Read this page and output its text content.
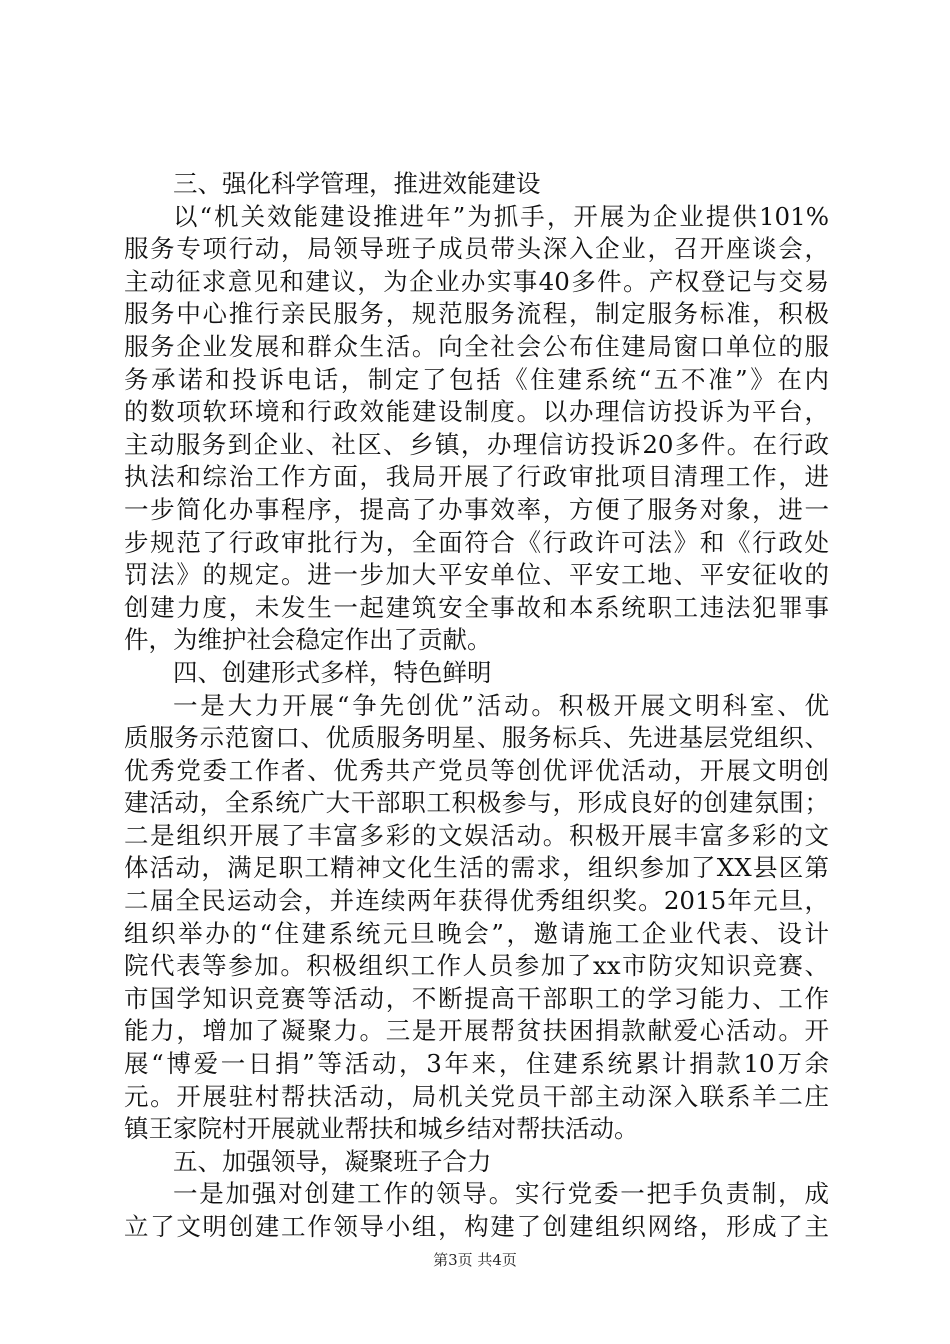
三、强化科学管理，推进效能建设
以“机关效能建设推进年”为抓手，开展为企业提供101%
服务专项行动，局领导班子成员带头深入企业，召开座谈会，
主动征求意见和建议，为企业办实事40多件。产权登记与交易
服务中心推行亲民服务，规范服务流程，制定服务标准，积极
服务企业发展和群众生活。向全社会公布住建局窗口单位的服
务承诺和投诉电话，制定了包括《住建系统“五不准”》在内
的数项软环境和行政效能建设制度。以办理信访投诉为平台，
主动服务到企业、社区、乡镇，办理信访投诉20多件。在行政
执法和综治工作方面，我局开展了行政审批项目清理工作，进
一步简化办事程序，提高了办事效率，方便了服务对象，进一
步规范了行政审批行为，全面符合《行政许可法》和《行政处
罚法》的规定。进一步加大平安单位、平安工地、平安征收的
创建力度，未发生一起建筑安全事故和本系统职工违法犯罪事
件，为维护社会稳定作出了贡献。
四、创建形式多样，特色鲜明
一是大力开展“争先创优”活动。积极开展文明科室、优
质服务示范窗口、优质服务明星、服务标兵、先进基层党组织、
优秀党委工作者、优秀共产党员等创优评优活动，开展文明创
建活动，全系统广大干部职工积极参与，形成良好的创建氛围；
二是组织开展了丰富多彩的文娱活动。积极开展丰富多彩的文
体活动，满足职工精神文化生活的需求，组织参加了XX县区第
二届全民运动会，并连续两年获得优秀组织奖。2015年元旦，
组织举办的“住建系统元旦晚会”，邀请施工企业代表、设计
院代表等参加。积极组织工作人员参加了xx市防灾知识竞赛、
市国学知识竞赛等活动，不断提高干部职工的学习能力、工作
能力，增加了凝聚力。三是开展帮贫扶困捐款献爱心活动。开
展“博爱一日捐”等活动，3年来，住建系统累计捐款10万余
元。开展驻村帮扶活动，局机关党员干部主动深入联系羊二庄
镇王家院村开展就业帮扶和城乡结对帮扶活动。
五、加强领导，凝聚班子合力
一是加强对创建工作的领导。实行党委一把手负责制，成
立了文明创建工作领导小组，构建了创建组织网络，形成了主
第3页 共4页
